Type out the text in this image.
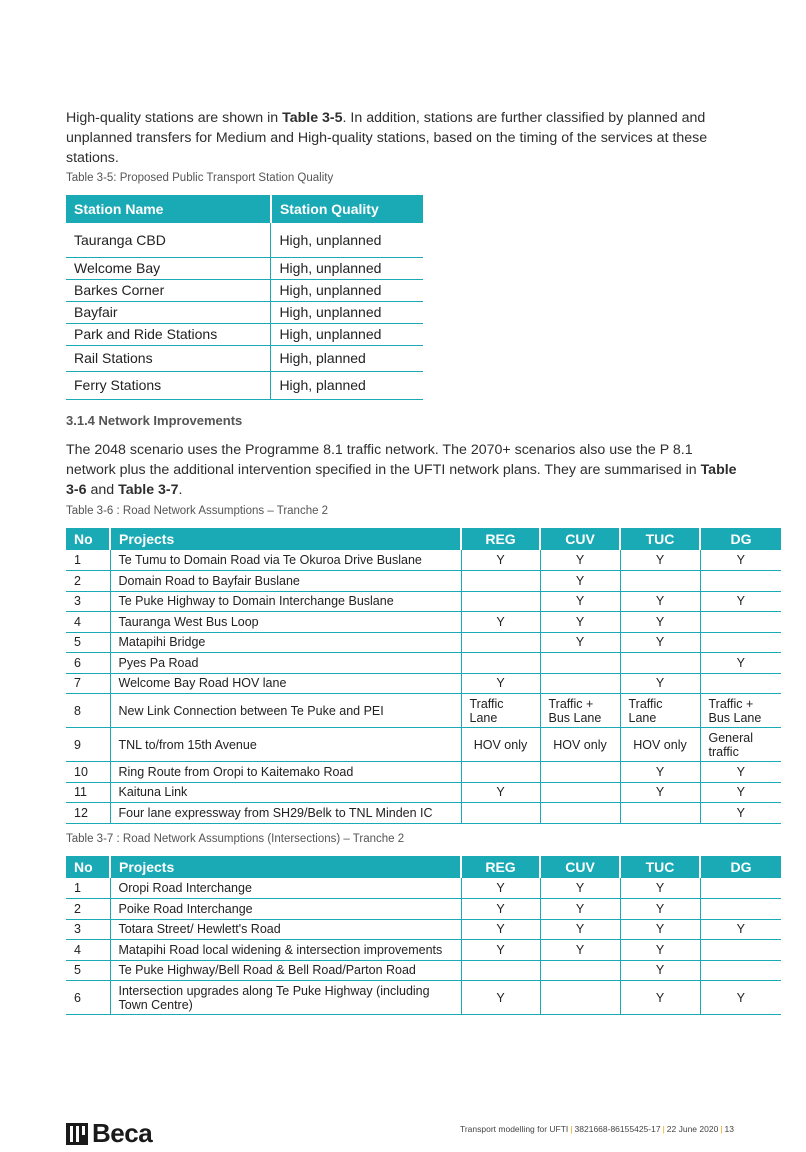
High-quality stations are shown in Table 3-5. In addition, stations are further classified by planned and unplanned transfers for Medium and High-quality stations, based on the timing of the services at these stations.
Table 3-5: Proposed Public Transport Station Quality
Station Name	Station Quality
Tauranga CBD	High, unplanned
Welcome Bay	High, unplanned
Barkes Corner	High, unplanned
Bayfair	High, unplanned
Park and Ride Stations	High, unplanned
Rail Stations	High, planned
Ferry Stations	High, planned
3.1.4 Network Improvements
The 2048 scenario uses the Programme 8.1 traffic network. The 2070+ scenarios also use the P 8.1 network plus the additional intervention specified in the UFTI network plans. They are summarised in Table 3-6 and Table 3-7.
Table 3-6 : Road Network Assumptions – Tranche 2
No	Projects	REG	CUV	TUC	DG
1	Te Tumu to Domain Road via Te Okuroa Drive Buslane	Y	Y	Y	Y
2	Domain Road to Bayfair Buslane		Y		
3	Te Puke Highway to Domain Interchange Buslane		Y	Y	Y
4	Tauranga West Bus Loop	Y	Y	Y	
5	Matapihi Bridge		Y	Y	
6	Pyes Pa Road				Y
7	Welcome Bay Road HOV lane	Y		Y	
8	New Link Connection between Te Puke and PEI	Traffic Lane	Traffic + Bus Lane	Traffic Lane	Traffic + Bus Lane
9	TNL to/from 15th Avenue	HOV only	HOV only	HOV only	General traffic
10	Ring Route from Oropi to Kaitemako Road			Y	Y
11	Kaituna Link	Y		Y	Y
12	Four lane expressway from SH29/Belk to TNL Minden IC				Y
Table 3-7 : Road Network Assumptions (Intersections) – Tranche 2
No	Projects	REG	CUV	TUC	DG
1	Oropi Road Interchange	Y	Y	Y	
2	Poike Road Interchange	Y	Y	Y	
3	Totara Street/ Hewlett's Road	Y	Y	Y	Y
4	Matapihi Road local widening & intersection improvements	Y	Y	Y	
5	Te Puke Highway/Bell Road & Bell Road/Parton Road			Y	
6	Intersection upgrades along Te Puke Highway (including Town Centre)	Y		Y	Y
Beca	Transport modelling for UFTI | 3821668-86155425-17 | 22 June 2020 | 13
